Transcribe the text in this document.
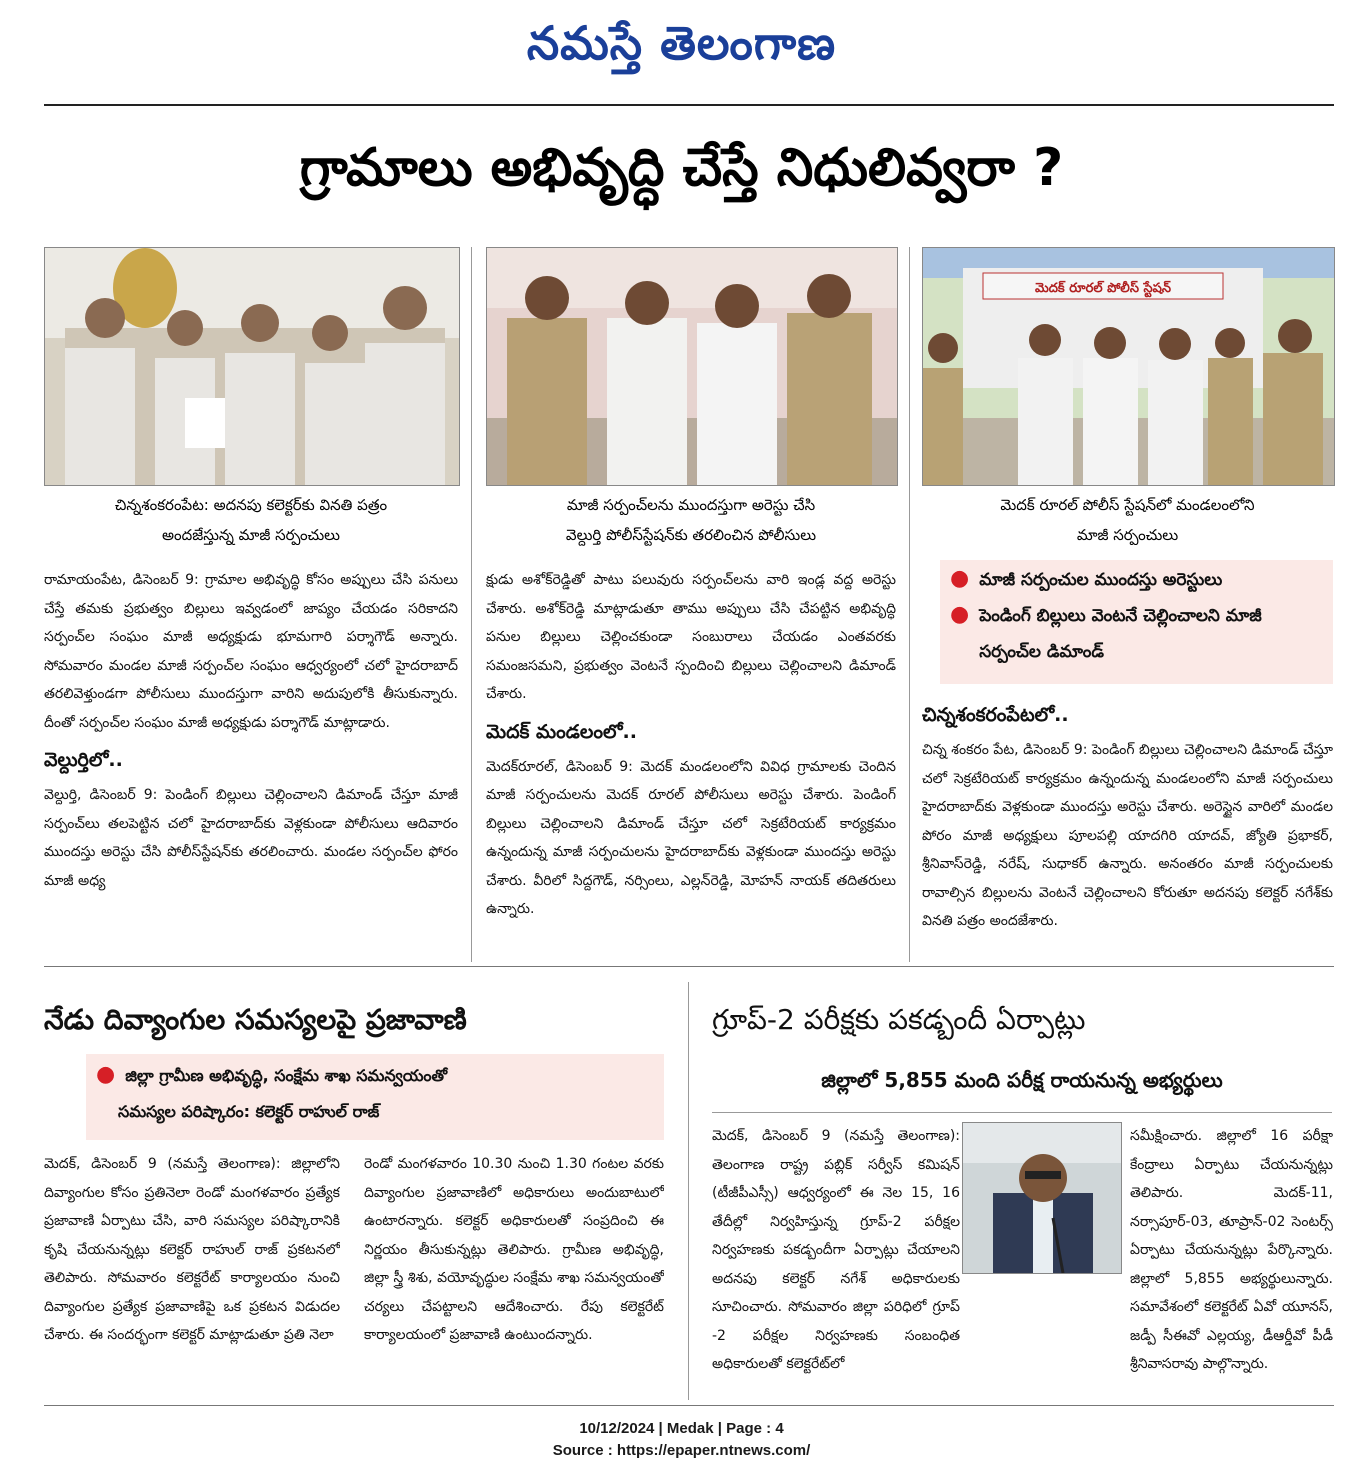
నమస్తే తెలంగాణ
గ్రామాలు అభివృద్ధి చేస్తే నిధులివ్వరా ?
చిన్నశంకరంపేట: అదనపు కలెక్టర్‌కు వినతి పత్రం
అందజేస్తున్న మాజీ సర్పంచులు
మాజీ సర్పంచ్‌లను ముందస్తుగా అరెస్టు చేసి
వెల్దుర్తి పోలీస్‌స్టేషన్‌కు తరలించిన పోలీసులు
మెదక్ రూరల్ పోలీస్ స్టేషన్
మెదక్ రూరల్ పోలీస్ స్టేషన్‌లో మండలంలోని
మాజీ సర్పంచులు

రామాయంపేట, డిసెంబర్ 9: గ్రామాల అభివృద్ధి కోసం అప్పులు చేసి పనులు చేస్తే తమకు ప్రభుత్వం బిల్లులు ఇవ్వడంలో జాప్యం చేయడం సరికాదని సర్పంచ్‌ల సంఘం మాజీ అధ్యక్షుడు భూమగారి పర్శాగౌడ్ అన్నారు. సోమవారం మండల మాజీ సర్పంచ్‌ల సంఘం ఆధ్వర్యంలో చలో హైదరాబాద్ తరలివెళ్తుండగా పోలీసులు ముందస్తుగా వారిని అదుపులోకి తీసుకున్నారు. దీంతో సర్పంచ్‌ల సంఘం మాజీ అధ్యక్షుడు పర్శాగౌడ్ మాట్లాడారు.

వెల్దుర్తిలో..

వెల్దుర్తి, డిసెంబర్ 9: పెండింగ్ బిల్లులు చెల్లించాలని డిమాండ్ చేస్తూ మాజీ సర్పంచ్‌లు తలపెట్టిన చలో హైదరాబాద్‌కు వెళ్లకుండా పోలీసులు ఆదివారం ముందస్తు అరెస్టు చేసి పోలీస్‌స్టేషన్‌కు తరలించారు. మండల సర్పంచ్‌ల ఫోరం మాజీ అధ్య

క్షుడు అశోక్‌రెడ్డితో పాటు పలువురు సర్పంచ్‌లను వారి ఇండ్ల వద్ద అరెస్టు చేశారు. అశోక్‌రెడ్డి మాట్లాడుతూ తాము అప్పులు చేసి చేపట్టిన అభివృద్ధి పనుల బిల్లులు చెల్లించకుండా సంబురాలు చేయడం ఎంతవరకు సమంజసమని, ప్రభుత్వం వెంటనే స్పందించి బిల్లులు చెల్లించాలని డిమాండ్ చేశారు.

మెదక్ మండలంలో..

మెదక్‌రూరల్, డిసెంబర్ 9: మెదక్ మండలంలోని వివిధ గ్రామాలకు చెందిన మాజీ సర్పంచులను మెదక్ రూరల్ పోలీసులు అరెస్టు చేశారు. పెండింగ్ బిల్లులు చెల్లించాలని డిమాండ్ చేస్తూ చలో సెక్రటేరియట్ కార్యక్రమం ఉన్నందున్న మాజీ సర్పంచులను హైదరాబాద్‌కు వెళ్లకుండా ముందస్తు అరెస్టు చేశారు. వీరిలో సిద్దగౌడ్, నర్సింలు, ఎల్లన్‌రెడ్డి, మోహన్ నాయక్ తదితరులు ఉన్నారు.

● మాజీ సర్పంచుల ముందస్తు అరెస్టులు
● పెండింగ్ బిల్లులు వెంటనే చెల్లించాలని మాజీ సర్పంచ్‌ల డిమాండ్
చిన్నశంకరంపేటలో..

చిన్న శంకరం పేట, డిసెంబర్ 9: పెండింగ్ బిల్లులు చెల్లించాలని డిమాండ్ చేస్తూ చలో సెక్రటేరియట్ కార్యక్రమం ఉన్నందున్న మండలంలోని మాజీ సర్పంచులు హైదరాబాద్‌కు వెళ్లకుండా ముందస్తు అరెస్టు చేశారు. అరెస్టైన వారిలో మండల పోరం మాజీ అధ్యక్షులు పూలపల్లి యాదగిరి యాదవ్, జ్యోతి ప్రభాకర్, శ్రీనివాస్‌రెడ్డి, నరేష్, సుధాకర్ ఉన్నారు. అనంతరం మాజీ సర్పంచులకు రావాల్సిన బిల్లులను వెంటనే చెల్లించాలని కోరుతూ అదనపు కలెక్టర్ నగేశ్‌కు వినతి పత్రం అందజేశారు.

నేడు దివ్యాంగుల సమస్యలపై ప్రజావాణి
● జిల్లా గ్రామీణ అభివృద్ధి, సంక్షేమ శాఖ సమన్వయంతో
సమస్యల పరిష్కారం: కలెక్టర్ రాహుల్ రాజ్

మెదక్, డిసెంబర్ 9 (నమస్తే తెలంగాణ): జిల్లాలోని దివ్యాంగుల కోసం ప్రతినెలా రెండో మంగళవారం ప్రత్యేక ప్రజావాణి ఏర్పాటు చేసి, వారి సమస్యల పరిష్కారానికి కృషి చేయనున్నట్లు కలెక్టర్ రాహుల్ రాజ్ ప్రకటనలో తెలిపారు. సోమవారం కలెక్టరేట్ కార్యాలయం నుంచి దివ్యాంగుల ప్రత్యేక ప్రజావాణిపై ఒక ప్రకటన విడుదల చేశారు. ఈ సందర్భంగా కలెక్టర్ మాట్లాడుతూ ప్రతి నెలా

రెండో మంగళవారం 10.30 నుంచి 1.30 గంటల వరకు దివ్యాంగుల ప్రజావాణిలో అధికారులు అందుబాటులో ఉంటారన్నారు. కలెక్టర్ అధికారులతో సంప్రదించి ఈ నిర్ణయం తీసుకున్నట్లు తెలిపారు. గ్రామీణ అభివృద్ధి, జిల్లా స్త్రీ శిశు, వయోవృద్ధుల సంక్షేమ శాఖ సమన్వయంతో చర్యలు చేపట్టాలని ఆదేశించారు. రేపు కలెక్టరేట్ కార్యాలయంలో ప్రజావాణి ఉంటుందన్నారు.

గ్రూప్-2 పరీక్షకు పకడ్బందీ ఏర్పాట్లు
జిల్లాలో 5,855 మంది పరీక్ష రాయనున్న అభ్యర్థులు

మెదక్, డిసెంబర్ 9 (నమస్తే తెలంగాణ): తెలంగాణ రాష్ట్ర పబ్లిక్ సర్వీస్ కమిషన్ (టీజీపీఎస్సీ) ఆధ్వర్యంలో ఈ నెల 15, 16 తేదీల్లో నిర్వహిస్తున్న గ్రూప్-2 పరీక్షల నిర్వహణకు పకడ్బందీగా ఏర్పాట్లు చేయాలని అదనపు కలెక్టర్ నగేశ్ అధికారులకు సూచించారు. సోమవారం జిల్లా పరిధిలో గ్రూప్ -2 పరీక్షల నిర్వహణకు సంబంధిత అధికారులతో కలెక్టరేట్‌లో

సమీక్షించారు. జిల్లాలో 16 పరీక్షా కేంద్రాలు ఏర్పాటు చేయనున్నట్లు తెలిపారు. మెదక్-11, నర్సాపూర్-03, తూప్రాన్-02 సెంటర్స్ ఏర్పాటు చేయనున్నట్లు పేర్కొన్నారు. జిల్లాలో 5,855 అభ్యర్థులున్నారు. సమావేశంలో కలెక్టరేట్ ఏవో యూనస్, జడ్పీ సీఈవో ఎల్లయ్య, డీఆర్డీవో పీడీ శ్రీనివాసరావు పాల్గొన్నారు.

10/12/2024 | Medak | Page : 4
Source : https://epaper.ntnews.com/
